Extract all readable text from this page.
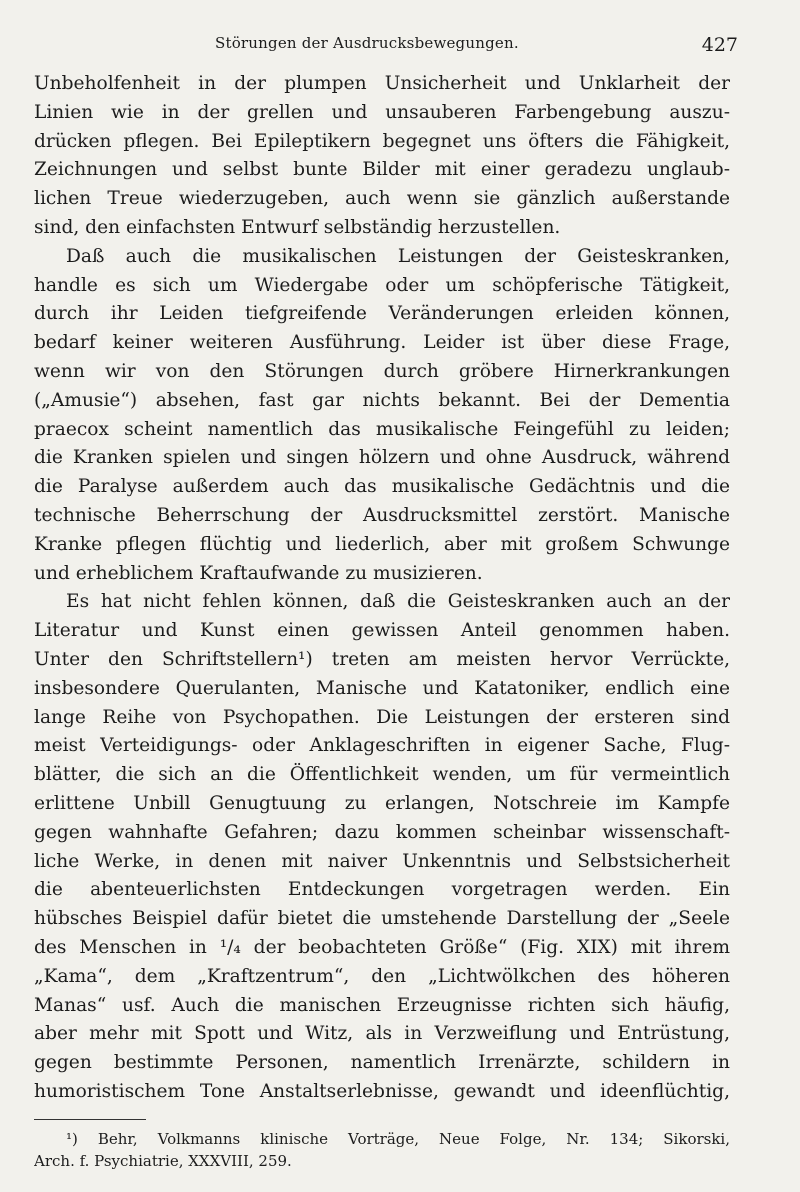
Störungen der Ausdrucksbewegungen.	427
Unbeholfenheit in der plumpen Unsicherheit und Unklarheit der
Linien wie in der grellen und unsauberen Farbengebung auszu-
drücken pflegen. Bei Epileptikern begegnet uns öfters die Fähigkeit,
Zeichnungen und selbst bunte Bilder mit einer geradezu unglaub-
lichen Treue wiederzugeben, auch wenn sie gänzlich außerstande
sind, den einfachsten Entwurf selbständig herzustellen.
Daß auch die musikalischen Leistungen der Geisteskranken,
handle es sich um Wiedergabe oder um schöpferische Tätigkeit,
durch ihr Leiden tiefgreifende Veränderungen erleiden können,
bedarf keiner weiteren Ausführung. Leider ist über diese Frage,
wenn wir von den Störungen durch gröbere Hirnerkrankungen
(„Amusie“) absehen, fast gar nichts bekannt. Bei der Dementia
praecox scheint namentlich das musikalische Feingefühl zu leiden;
die Kranken spielen und singen hölzern und ohne Ausdruck, während
die Paralyse außerdem auch das musikalische Gedächtnis und die
technische Beherrschung der Ausdrucksmittel zerstört. Manische
Kranke pflegen flüchtig und liederlich, aber mit großem Schwunge
und erheblichem Kraftaufwande zu musizieren.
Es hat nicht fehlen können, daß die Geisteskranken auch an der
Literatur und Kunst einen gewissen Anteil genommen haben.
Unter den Schriftstellern¹) treten am meisten hervor Verrückte,
insbesondere Querulanten, Manische und Katatoniker, endlich eine
lange Reihe von Psychopathen. Die Leistungen der ersteren sind
meist Verteidigungs- oder Anklageschriften in eigener Sache, Flug-
blätter, die sich an die Öffentlichkeit wenden, um für vermeintlich
erlittene Unbill Genugtuung zu erlangen, Notschreie im Kampfe
gegen wahnhafte Gefahren; dazu kommen scheinbar wissenschaft-
liche Werke, in denen mit naiver Unkenntnis und Selbstsicherheit
die abenteuerlichsten Entdeckungen vorgetragen werden. Ein
hübsches Beispiel dafür bietet die umstehende Darstellung der „Seele
des Menschen in ¹/₄ der beobachteten Größe“ (Fig. XIX) mit ihrem
„Kama“, dem „Kraftzentrum“, den „Lichtwölkchen des höheren
Manas“ usf. Auch die manischen Erzeugnisse richten sich häufig,
aber mehr mit Spott und Witz, als in Verzweiflung und Entrüstung,
gegen bestimmte Personen, namentlich Irrenärzte, schildern in
humoristischem Tone Anstaltserlebnisse, gewandt und ideenflüchtig,
¹) Behr, Volkmanns klinische Vorträge, Neue Folge, Nr. 134; Sikorski,
Arch. f. Psychiatrie, XXXVIII, 259.
